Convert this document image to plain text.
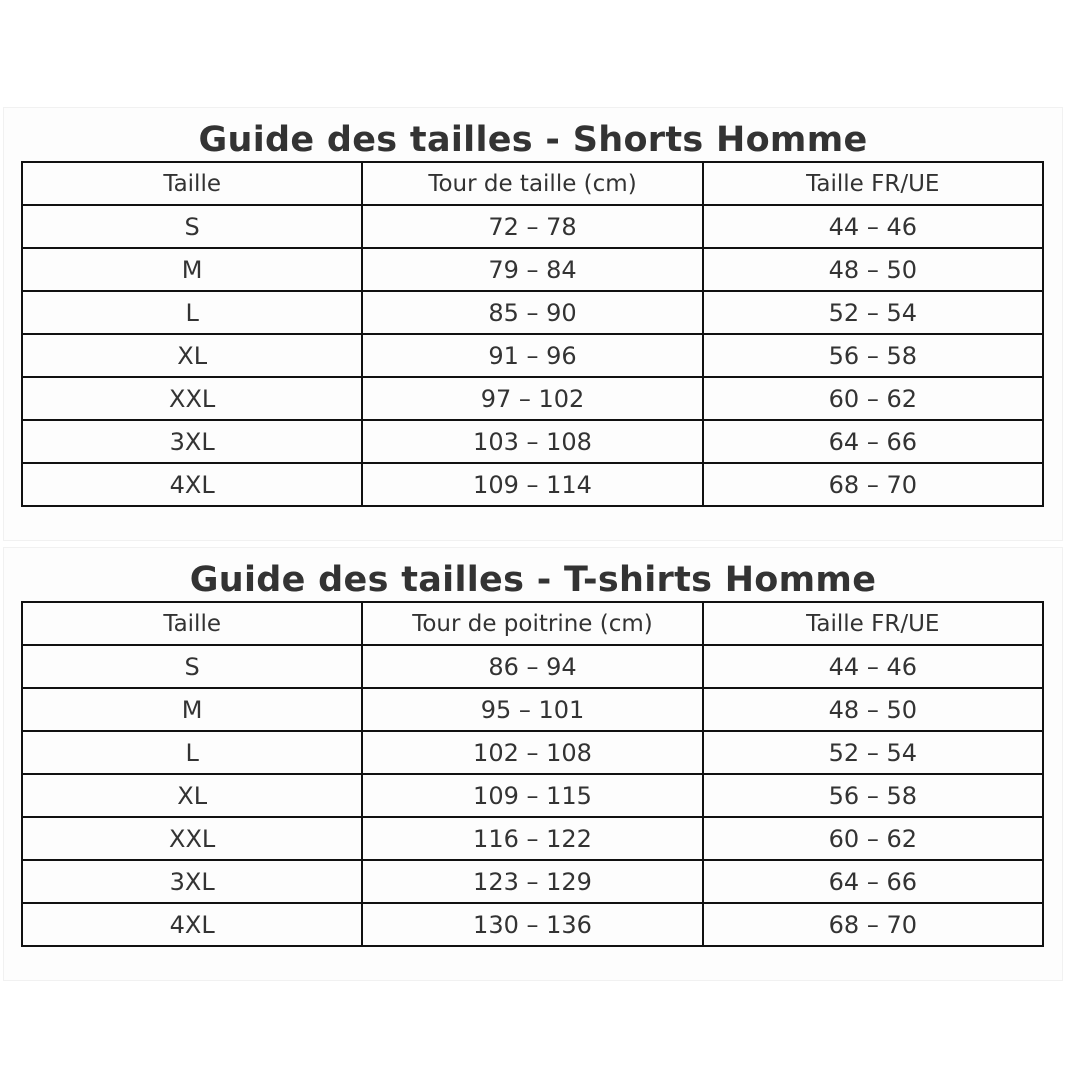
Guide des tailles - Shorts Homme
Taille	Tour de taille (cm)	Taille FR/UE
S	72 – 78	44 – 46
M	79 – 84	48 – 50
L	85 – 90	52 – 54
XL	91 – 96	56 – 58
XXL	97 – 102	60 – 62
3XL	103 – 108	64 – 66
4XL	109 – 114	68 – 70
Guide des tailles - T-shirts Homme
Taille	Tour de poitrine (cm)	Taille FR/UE
S	86 – 94	44 – 46
M	95 – 101	48 – 50
L	102 – 108	52 – 54
XL	109 – 115	56 – 58
XXL	116 – 122	60 – 62
3XL	123 – 129	64 – 66
4XL	130 – 136	68 – 70
